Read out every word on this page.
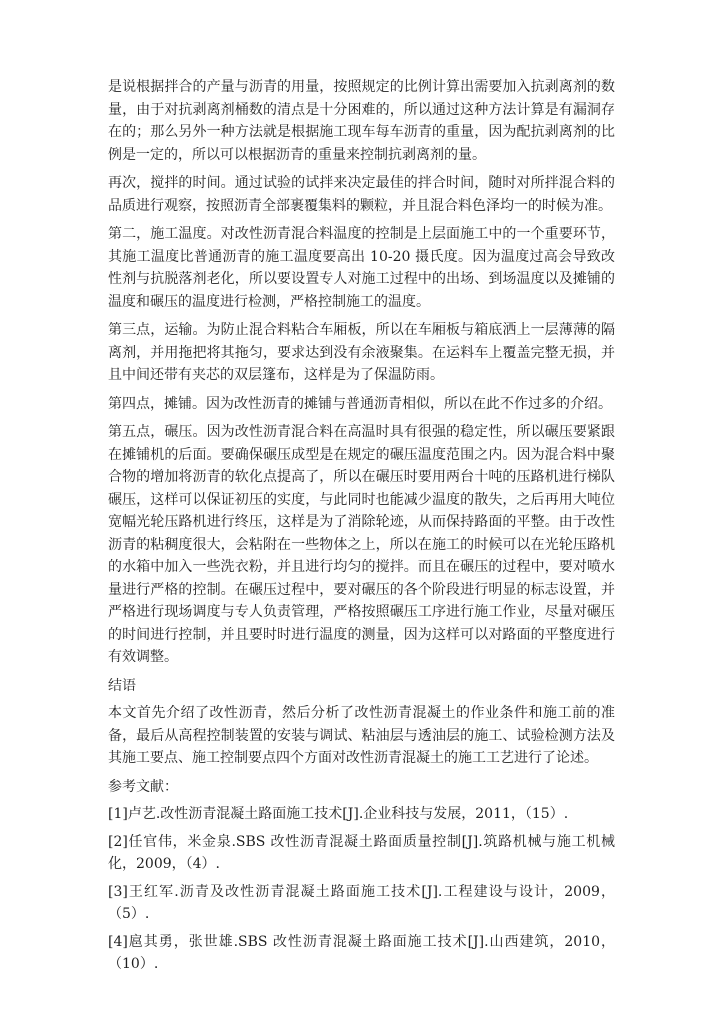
是说根据拌合的产量与沥青的用量，按照规定的比例计算出需要加入抗剥离剂的数量，由于对抗剥离剂桶数的清点是十分困难的，所以通过这种方法计算是有漏洞存在的；那么另外一种方法就是根据施工现车每车沥青的重量，因为配抗剥离剂的比例是一定的，所以可以根据沥青的重量来控制抗剥离剂的量。

再次，搅拌的时间。通过试验的试拌来决定最佳的拌合时间，随时对所拌混合料的品质进行观察，按照沥青全部裹覆集料的颗粒，并且混合料色泽均一的时候为准。

第二，施工温度。对改性沥青混合料温度的控制是上层面施工中的一个重要环节，其施工温度比普通沥青的施工温度要高出 10-20 摄氏度。因为温度过高会导致改性剂与抗脱落剂老化，所以要设置专人对施工过程中的出场、到场温度以及摊铺的温度和碾压的温度进行检测，严格控制施工的温度。

第三点，运输。为防止混合料粘合车厢板，所以在车厢板与箱底洒上一层薄薄的隔离剂，并用拖把将其拖匀，要求达到没有余液聚集。在运料车上覆盖完整无损，并且中间还带有夹芯的双层篷布，这样是为了保温防雨。

第四点，摊铺。因为改性沥青的摊铺与普通沥青相似，所以在此不作过多的介绍。

第五点，碾压。因为改性沥青混合料在高温时具有很强的稳定性，所以碾压要紧跟在摊铺机的后面。要确保碾压成型是在规定的碾压温度范围之内。因为混合料中聚合物的增加将沥青的软化点提高了，所以在碾压时要用两台十吨的压路机进行梯队碾压，这样可以保证初压的实度，与此同时也能减少温度的散失，之后再用大吨位宽幅光轮压路机进行终压，这样是为了消除轮迹，从而保持路面的平整。由于改性沥青的粘稠度很大，会粘附在一些物体之上，所以在施工的时候可以在光轮压路机的水箱中加入一些洗衣粉，并且进行均匀的搅拌。而且在碾压的过程中，要对喷水量进行严格的控制。在碾压过程中，要对碾压的各个阶段进行明显的标志设置，并严格进行现场调度与专人负责管理，严格按照碾压工序进行施工作业，尽量对碾压的时间进行控制，并且要时时进行温度的测量，因为这样可以对路面的平整度进行有效调整。

结语

本文首先介绍了改性沥青，然后分析了改性沥青混凝土的作业条件和施工前的准备，最后从高程控制装置的安装与调试、粘油层与透油层的施工、试验检测方法及其施工要点、施工控制要点四个方面对改性沥青混凝土的施工工艺进行了论述。

参考文献：

[1]卢艺.改性沥青混凝土路面施工技术[J].企业科技与发展，2011，（15）.

[2]任官伟，米金泉.SBS 改性沥青混凝土路面质量控制[J].筑路机械与施工机械化，2009，（4）.

[3]王红军.沥青及改性沥青混凝土路面施工技术[J].工程建设与设计，2009，（5）.

[4]扈其勇，张世雄.SBS 改性沥青混凝土路面施工技术[J].山西建筑，2010，（10）.
